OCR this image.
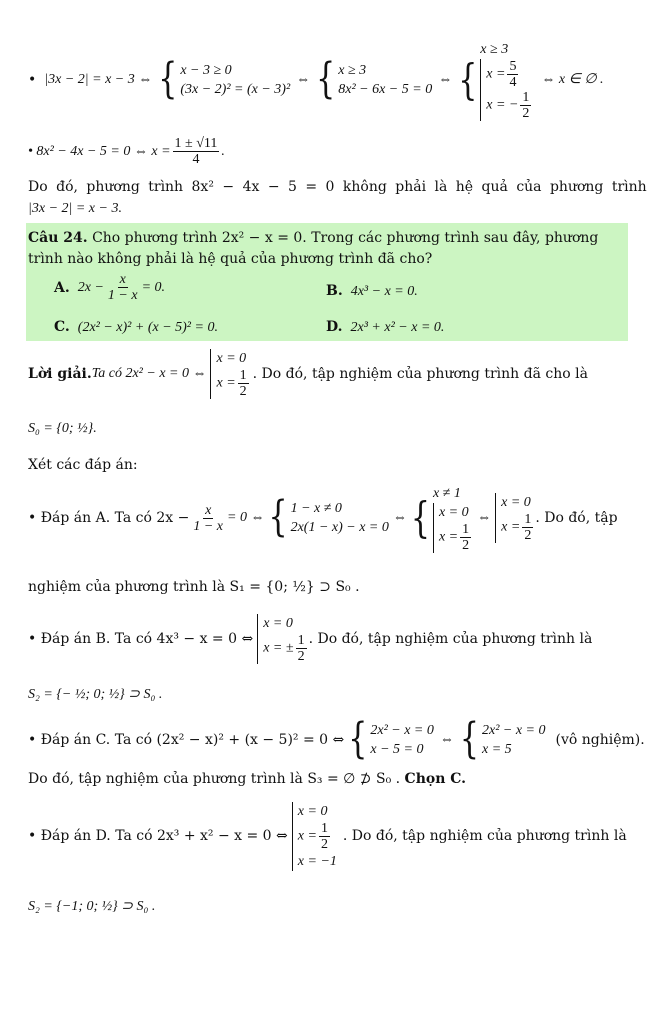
• |3x − 2| = x − 3 ⇔ { x − 3 ≥ 0
(3x − 2)² = (x − 3)²
⇔ { x ≥ 3
8x² − 6x − 5 = 0
⇔ {
x ≥ 3
$x = \frac{5}{4}$
x = − $\frac{1}{2}$
⇔ x ∈ ∅ .
• 8x² − 4x − 5 = 0 ⇔ $x = \frac{1 \pm √11}{4}$ .
Do đó, phương trình 8x² − 4x − 5 = 0 không phải là hệ quả của phương trình
|3x − 2| = x − 3.
Câu 24. Cho phương trình 2x² − x = 0. Trong các phương trình sau đây, phương
trình nào không phải là hệ quả của phương trình đã cho?
A. $2x - \frac{x}{1 - x} = 0$.	B. 4x³ − x = 0.
C. (2x² − x)² + (x − 5)² = 0.	D. 2x³ + x² − x = 0.
Lời giải. Ta có 2x² − x = 0 ⇔
x = 0
$x = \frac{1}{2}$ . Do đó, tập nghiệm của phương trình đã cho là
S₀ = {0; ½}.
Xét các đáp án:
• Đáp án A. Ta có $2x - \frac{x}{1 - x} = 0$ ⇔ { 1 − x ≠ 0
2x(1 − x) − x = 0
⇔ { x ≠ 1
x = 0
$x = \frac{1}{2}$
⇔
x = 0
$x = \frac{1}{2}$ . Do đó, tập
nghiệm của phương trình là S₁ = {0; ½} ⊃ S₀ .
• Đáp án B. Ta có 4x³ − x = 0 ⇔
x = 0
x = ± $\frac{1}{2}$ . Do đó, tập nghiệm của phương trình là
S₂ = {− ½; 0; ½} ⊃ S₀ .
• Đáp án C. Ta có (2x² − x)² + (x − 5)² = 0 ⇔ { 2x² − x = 0
x − 5 = 0
⇔ { 2x² − x = 0
x = 5
(vô nghiệm).
Do đó, tập nghiệm của phương trình là S₃ = ∅ ⊅ S₀ . Chọn C.
• Đáp án D. Ta có 2x³ + x² − x = 0 ⇔
x = 0
$x = \frac{1}{2}$
x = −1
. Do đó, tập nghiệm của phương trình là
S₂ = {−1; 0; ½} ⊃ S₀ .
